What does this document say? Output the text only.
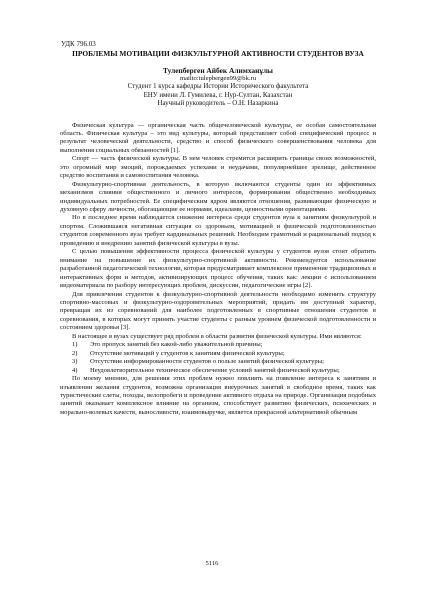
УДК 796.03
ПРОБЛЕМЫ МОТИВАЦИИ ФИЗКУЛЬТУРНОЙ АКТИВНОСТИ СТУДЕНТОВ ВУЗА
Тулепберген Айбек Алимханұлы
mailto:tulepbergen99@bk.ru
Студент 1 курса кафедры Истории Исторического факультета
ЕНУ имени Л. Гумилева, г. Нур-Султан, Казахстан
Научный руководитель – О.Н. Назаркина

Физическая культура — органическая часть общечеловеческой культуры, ее особая самостоятельная область. Физическая культура – это вид культуры, который представляет собой специфический процесс и результат человеческой деятельности, средство и способ физического совершенствования человека для выполнения социальных обязанностей [1].

Спорт — часть физической культуры. В нем человек стремится расширить границы своих возможностей, это огромный мир эмоций, порождаемых успехами и неудачами, популярнейшее зрелище, действенное средство воспитания и самовоспитания человека.

Физкультурно-спортивная деятельность, в которую включаются студенты один из эффективных механизмов слияния общественного и личного интересов, формирования общественно необходимых индивидуальных потребностей. Ее специфическим ядром являются отношения, развивающие физическую и духовную сферу личности, обогащающие ее нормами, идеалами, ценностными ориентациями.

Но в последнее время наблюдается снижение интереса среди студентов вуза к занятиям физкультурой и спортом. Сложившаяся негативная ситуация со здоровьем, мотивацией и физической подготовленностью студентов современного вуза требует кардинальных решений. Необходим грамотный и рациональный подход к проведению и внедрению занятий физической культуры в вузы.

С целью повышения эффективности процесса физической культуры у студентов вузов стоит обратить внимание на повышение их физкультурно-спортивной активности. Рекомендуется использование разработанной педагогической технологии, которая предусматривает комплексное применение традиционных и интерактивных форм и методов, активизирующих процесс обучения, таких как: лекции с использованием видеоматериала по разбору интересующих проблем, дискуссии, педагогические игры [2].

Для привлечения студентов к физкультурно-спортивной деятельности необходимо изменить структуру спортивно-массовых и физкультурно-оздоровительных мероприятий, придать им доступный характер, превращая их из соревнований для наиболее подготовленных в спортивные отношения студентов в соревнования, в которых могут принять участие студенты с разным уровнем физической подготовленности и состоянием здоровья [3].

В настоящее в вузах существует ряд проблем в области развития физической культуры. Ими являются:

1) Это пропуск занятий без какой-либо уважительной причины;
2) Отсутствие мотиваций у студентов к занятиям физической культуры;
3) Отсутствие информированности студентов о пользе занятий физической культуры;
4) Неудовлетворительное техническое обеспечение условий занятий физической культуры;

По моему мнению, для решения этих проблем нужно повлиять на появление интереса к занятиям и изъявлении желания студентов, возможна организация внеурочных занятий в свободное время, таких как туристические слеты, походы, велопробеги и проведение активного отдыха на природе. Организация подобных занятий оказывает комплексное влияние на организм, способствует развитию физических, психических и морально-волевых качеств, выносливости, взаимовыручке, является прекрасной альтернативой обычным

5116
